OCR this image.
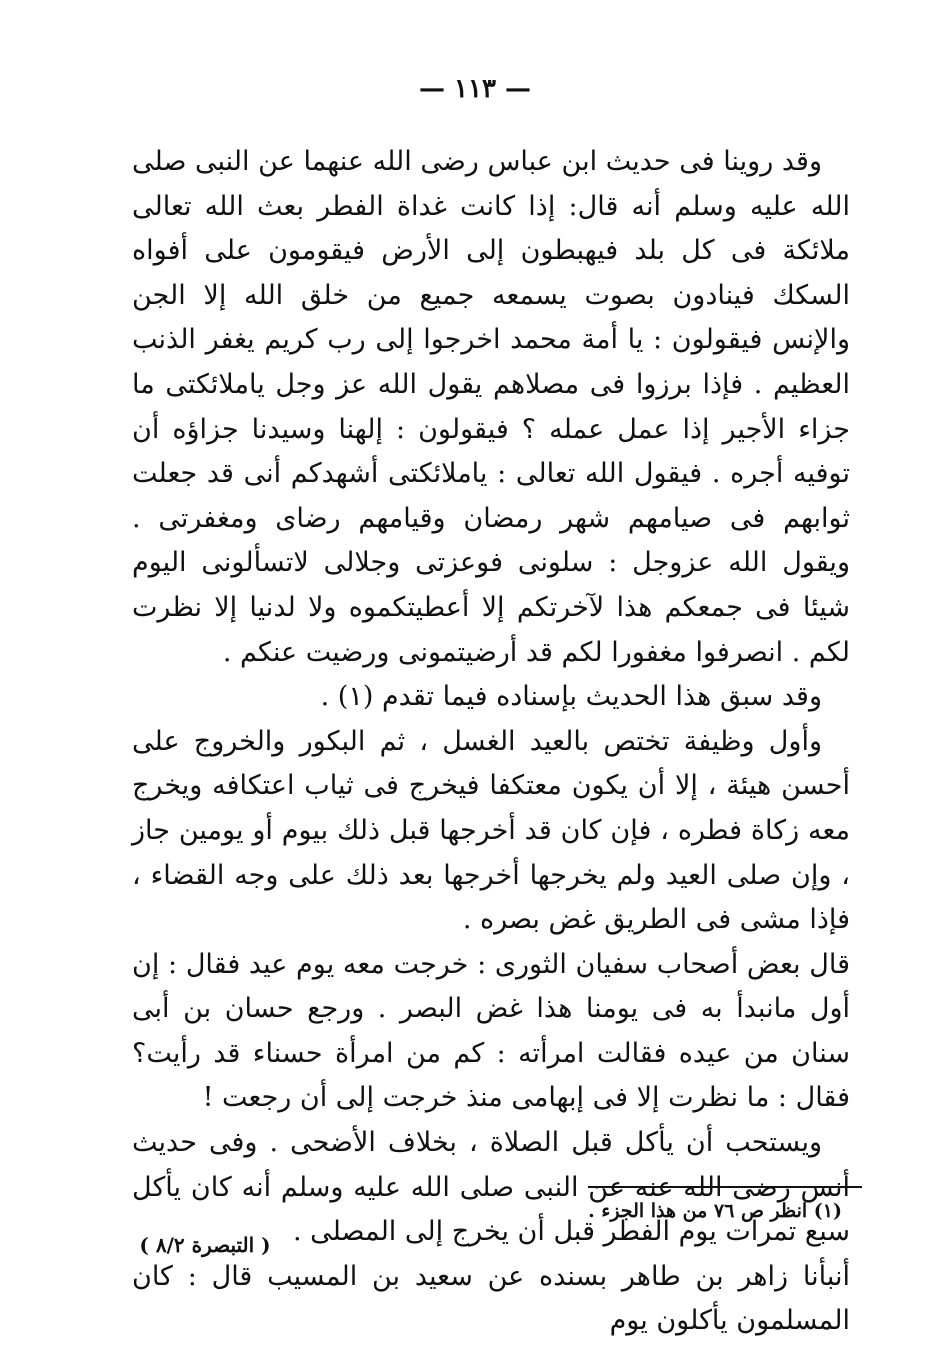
— ١١٣ —

وقد روينا فى حديث ابن عباس رضى الله عنهما عن النبى صلى الله عليه وسلم أنه قال: إذا كانت غداة الفطر بعث الله تعالى ملائكة فى كل بلد فيهبطون إلى الأرض فيقومون على أفواه السكك فينادون بصوت يسمعه جميع من خلق الله إلا الجن والإنس فيقولون : يا أمة محمد اخرجوا إلى رب كريم يغفر الذنب العظيم . فإذا برزوا فى مصلاهم يقول الله عز وجل ياملائكتى ما جزاء الأجير إذا عمل عمله ؟ فيقولون : إلهنا وسيدنا جزاؤه أن توفيه أجره . فيقول الله تعالى : ياملائكتى أشهدكم أنى قد جعلت ثوابهم فى صيامهم شهر رمضان وقيامهم رضاى ومغفرتى . ويقول الله عزوجل : سلونى فوعزتى وجلالى لاتسألونى اليوم شيئا فى جمعكم هذا لآخرتكم إلا أعطيتكموه ولا لدنيا إلا نظرت لكم . انصرفوا مغفورا لكم قد أرضيتمونى ورضيت عنكم .

وقد سبق هذا الحديث بإسناده فيما تقدم (١) .

وأول وظيفة تختص بالعيد الغسل ، ثم البكور والخروج على أحسن هيئة ، إلا أن يكون معتكفا فيخرج فى ثياب اعتكافه ويخرج معه زكاة فطره ، فإن كان قد أخرجها قبل ذلك بيوم أو يومين جاز ، وإن صلى العيد ولم يخرجها أخرجها بعد ذلك على وجه القضاء ، فإذا مشى فى الطريق غض بصره .

قال بعض أصحاب سفيان الثورى : خرجت معه يوم عيد فقال : إن أول مانبدأ به فى يومنا هذا غض البصر . ورجع حسان بن أبى سنان من عيده فقالت امرأته : كم من امرأة حسناء قد رأيت؟ فقال : ما نظرت إلا فى إبهامى منذ خرجت إلى أن رجعت !

ويستحب أن يأكل قبل الصلاة ، بخلاف الأضحى . وفى حديث أنس رضى الله عنه عن النبى صلى الله عليه وسلم أنه كان يأكل سبع تمرات يوم الفطر قبل أن يخرج إلى المصلى .

أنبأنا زاهر بن طاهر بسنده عن سعيد بن المسيب قال : كان المسلمون يأكلون يوم

(١) انظر ص ٧٦ من هذا الجزء .
( التبصرة ٨/٢ )
